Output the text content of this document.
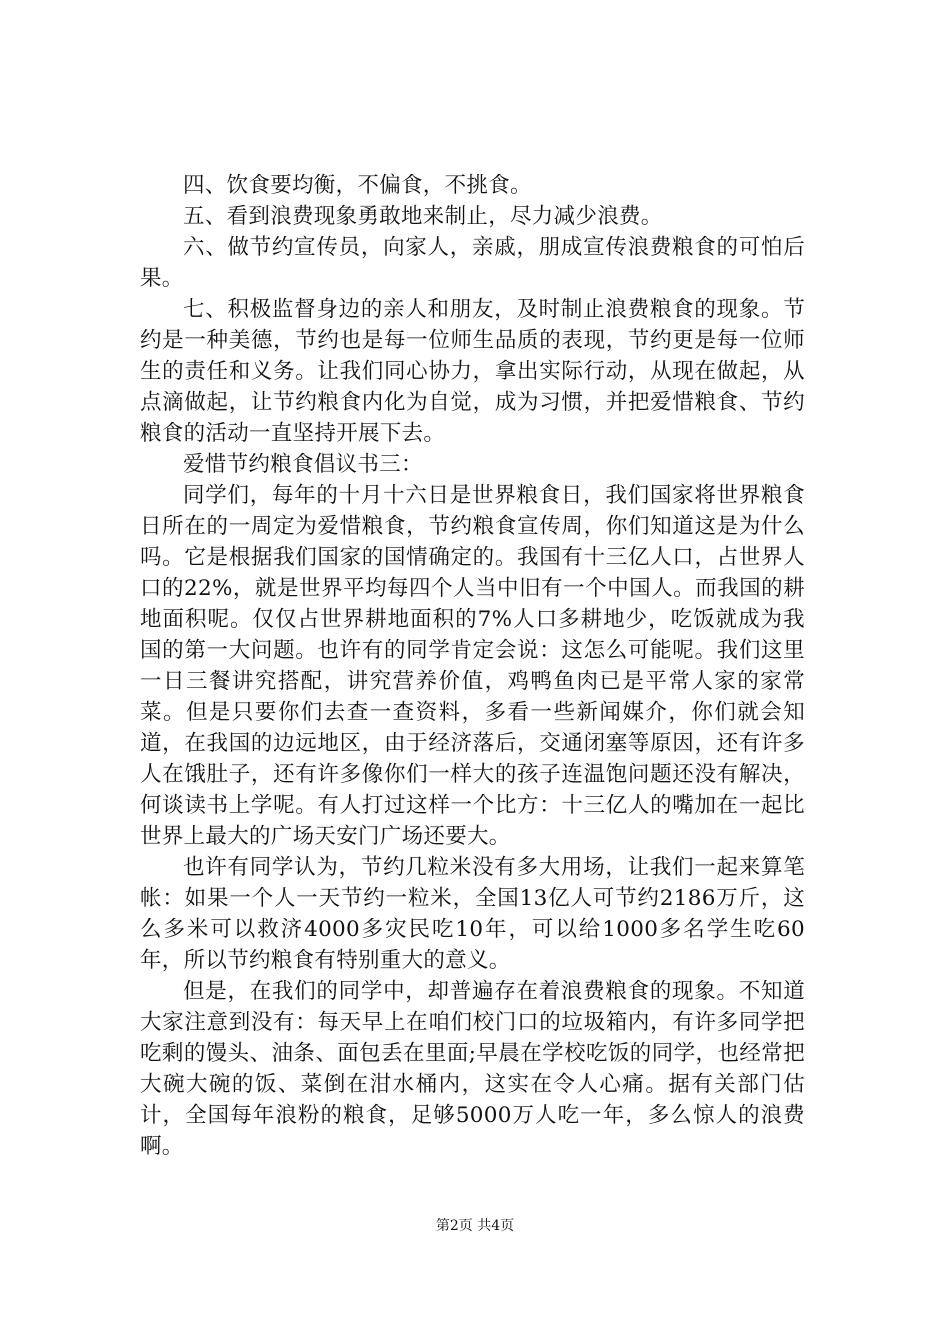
四、饮食要均衡，不偏食，不挑食。

五、看到浪费现象勇敢地来制止，尽力减少浪费。

六、做节约宣传员，向家人，亲戚，朋成宣传浪费粮食的可怕后果。

七、积极监督身边的亲人和朋友，及时制止浪费粮食的现象。节约是一种美德，节约也是每一位师生品质的表现，节约更是每一位师生的责任和义务。让我们同心协力，拿出实际行动，从现在做起，从点滴做起，让节约粮食内化为自觉，成为习惯，并把爱惜粮食、节约粮食的活动一直坚持开展下去。

爱惜节约粮食倡议书三：

同学们，每年的十月十六日是世界粮食日，我们国家将世界粮食日所在的一周定为爱惜粮食，节约粮食宣传周，你们知道这是为什么吗。它是根据我们国家的国情确定的。我国有十三亿人口，占世界人口的22%，就是世界平均每四个人当中旧有一个中国人。而我国的耕地面积呢。仅仅占世界耕地面积的7%人口多耕地少，吃饭就成为我国的第一大问题。也许有的同学肯定会说：这怎么可能呢。我们这里一日三餐讲究搭配，讲究营养价值，鸡鸭鱼肉已是平常人家的家常菜。但是只要你们去查一查资料，多看一些新闻媒介，你们就会知道，在我国的边远地区，由于经济落后，交通闭塞等原因，还有许多人在饿肚子，还有许多像你们一样大的孩子连温饱问题还没有解决，何谈读书上学呢。有人打过这样一个比方：十三亿人的嘴加在一起比世界上最大的广场天安门广场还要大。

也许有同学认为，节约几粒米没有多大用场，让我们一起来算笔帐：如果一个人一天节约一粒米，全国13亿人可节约2186万斤，这么多米可以救济4000多灾民吃10年，可以给1000多名学生吃60年，所以节约粮食有特别重大的意义。

但是，在我们的同学中，却普遍存在着浪费粮食的现象。不知道大家注意到没有：每天早上在咱们校门口的垃圾箱内，有许多同学把吃剩的馒头、油条、面包丢在里面;早晨在学校吃饭的同学，也经常把大碗大碗的饭、菜倒在泔水桶内，这实在令人心痛。据有关部门估计，全国每年浪粉的粮食，足够5000万人吃一年，多么惊人的浪费啊。

第2页 共4页
